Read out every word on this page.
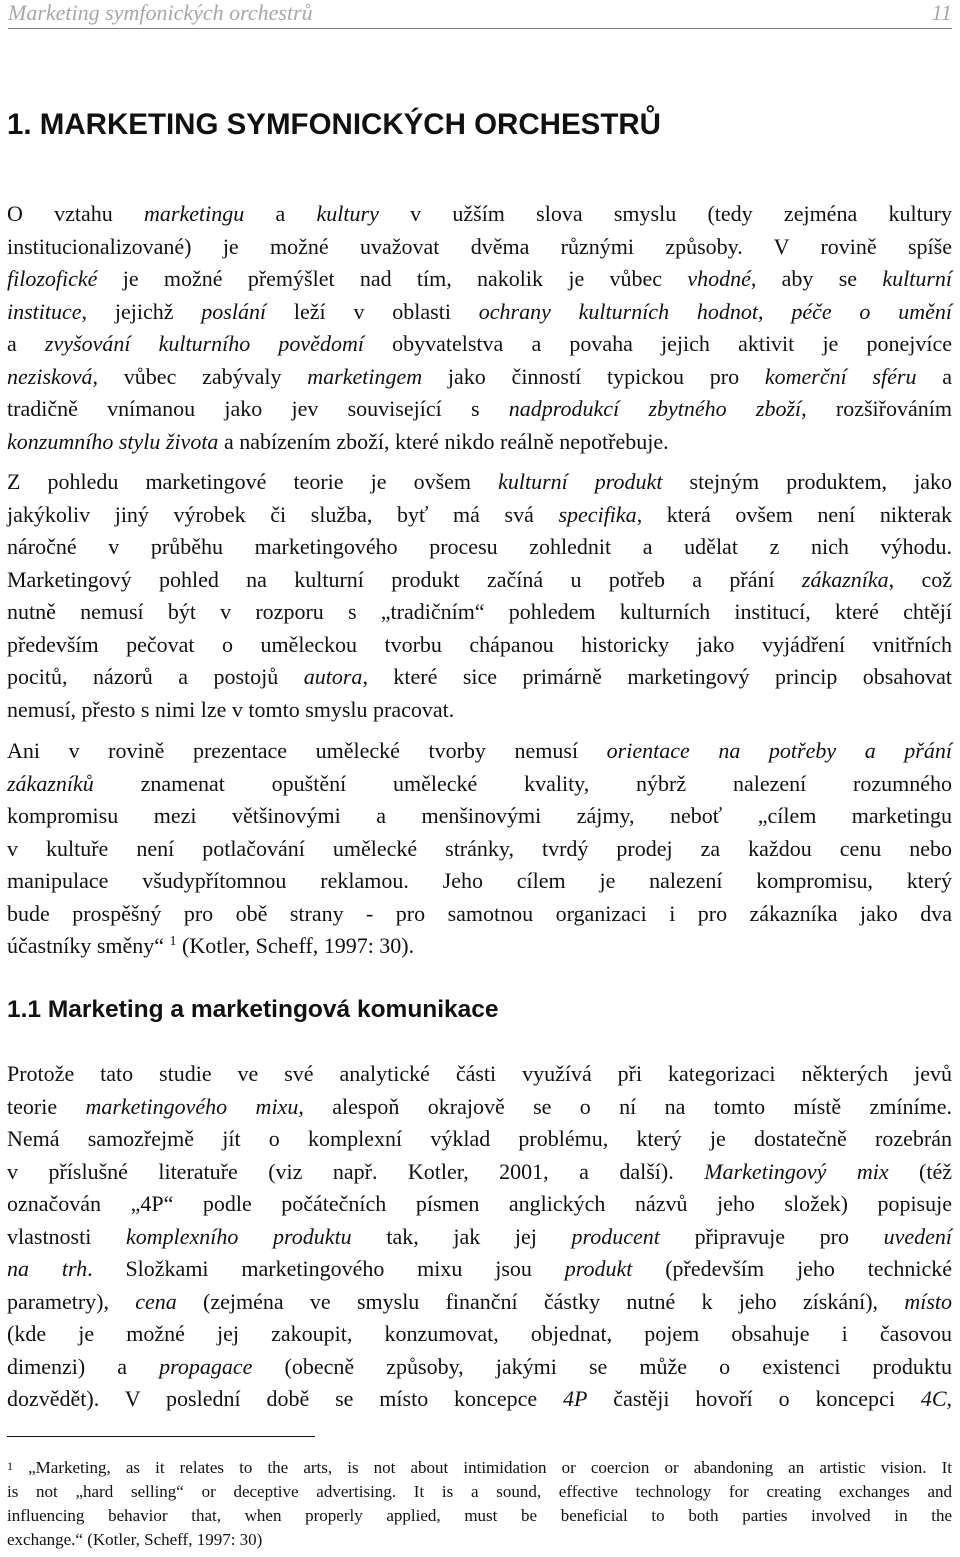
Marketing symfonických orchestrů	11
1. MARKETING SYMFONICKÝCH ORCHESTRŮ
O vztahu marketingu a kultury v užším slova smyslu (tedy zejména kultury
institucionalizované) je možné uvažovat dvěma různými způsoby. V rovině spíše
filozofické je možné přemýšlet nad tím, nakolik je vůbec vhodné, aby se kulturní
instituce, jejichž poslání leží v oblasti ochrany kulturních hodnot, péče o umění
a zvyšování kulturního povědomí obyvatelstva a povaha jejich aktivit je ponejvíce
nezisková, vůbec zabývaly marketingem jako činností typickou pro komerční sféru a
tradičně vnímanou jako jev související s nadprodukcí zbytného zboží, rozšiřováním
konzumního stylu života a nabízením zboží, které nikdo reálně nepotřebuje.
Z pohledu marketingové teorie je ovšem kulturní produkt stejným produktem, jako
jakýkoliv jiný výrobek či služba, byť má svá specifika, která ovšem není nikterak
náročné v průběhu marketingového procesu zohlednit a udělat z nich výhodu.
Marketingový pohled na kulturní produkt začíná u potřeb a přání zákazníka, což
nutně nemusí být v rozporu s „tradičním“ pohledem kulturních institucí, které chtějí
především pečovat o uměleckou tvorbu chápanou historicky jako vyjádření vnitřních
pocitů, názorů a postojů autora, které sice primárně marketingový princip obsahovat
nemusí, přesto s nimi lze v tomto smyslu pracovat.
Ani v rovině prezentace umělecké tvorby nemusí orientace na potřeby a přání
zákazníků znamenat opuštění umělecké kvality, nýbrž nalezení rozumného
kompromisu mezi většinovými a menšinovými zájmy, neboť „cílem marketingu
v kultuře není potlačování umělecké stránky, tvrdý prodej za každou cenu nebo
manipulace všudypřítomnou reklamou. Jeho cílem je nalezení kompromisu, který
bude prospěšný pro obě strany - pro samotnou organizaci i pro zákazníka jako dva
účastníky směny“ $^1$ (Kotler, Scheff, 1997: 30).
1.1 Marketing a marketingová komunikace
Protože tato studie ve své analytické části využívá při kategorizaci některých jevů
teorie marketingového mixu, alespoň okrajově se o ní na tomto místě zmíníme.
Nemá samozřejmě jít o komplexní výklad problému, který je dostatečně rozebrán
v příslušné literatuře (viz např. Kotler, 2001, a další). Marketingový mix (též
označován „4P“ podle počátečních písmen anglických názvů jeho složek) popisuje
vlastnosti komplexního produktu tak, jak jej producent připravuje pro uvedení
na trh. Složkami marketingového mixu jsou produkt (především jeho technické
parametry), cena (zejména ve smyslu finanční částky nutné k jeho získání), místo
(kde je možné jej zakoupit, konzumovat, objednat, pojem obsahuje i časovou
dimenzi) a propagace (obecně způsoby, jakými se může o existenci produktu
dozvědět). V poslední době se místo koncepce 4P častěji hovoří o koncepci 4C,
$^1$ „Marketing, as it relates to the arts, is not about intimidation or coercion or abandoning an artistic vision. It
is not „hard selling“ or deceptive advertising. It is a sound, effective technology for creating exchanges and
influencing behavior that, when properly applied, must be beneficial to both parties involved in the
exchange.“ (Kotler, Scheff, 1997: 30)
